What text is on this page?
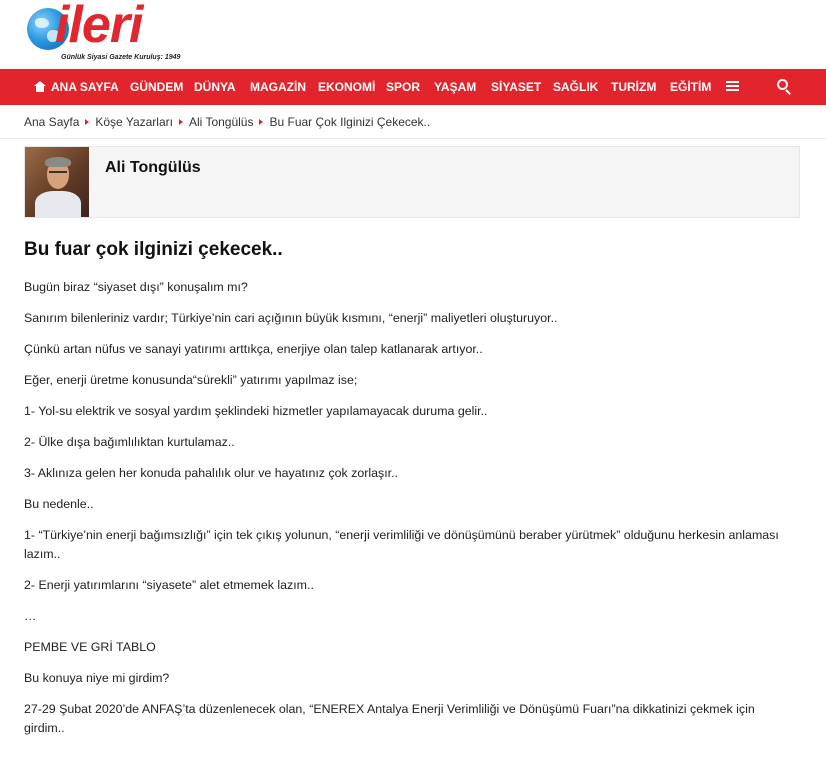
ileri
Günlük Siyasi Gazete Kuruluş: 1949
ANA SAYFA GÜNDEM DÜNYA MAGAZİN EKONOMİ SPOR YAŞAM SİYASET SAĞLIK TURİZM EĞİTİM
Ana Sayfa Köşe Yazarları Ali Tongülüs Bu Fuar Çok Ilginizi Çekecek..
Ali Tongülüs
Bu fuar çok ilginizi çekecek..

Bugün biraz “siyaset dışı” konuşalım mı?

Sanırım bilenleriniz vardır; Türkiye’nin cari açığının büyük kısmını, “enerji” maliyetleri oluşturuyor..

Çünkü artan nüfus ve sanayi yatırımı arttıkça, enerjiye olan talep katlanarak artıyor..

Eğer, enerji üretme konusunda“sürekli” yatırımı yapılmaz ise;

1- Yol-su elektrik ve sosyal yardım şeklindeki hizmetler yapılamayacak duruma gelir..

2- Ülke dışa bağımlılıktan kurtulamaz..

3- Aklınıza gelen her konuda pahalılık olur ve hayatınız çok zorlaşır..

Bu nedenle..

1- “Türkiye’nin enerji bağımsızlığı” için tek çıkış yolunun, “enerji verimliliği ve dönüşümünü beraber yürütmek” olduğunu herkesin anlaması lazım..

2- Enerji yatırımlarını “siyasete” alet etmemek lazım..

…

PEMBE VE GRİ TABLO

Bu konuya niye mi girdim?

27-29 Şubat 2020’de ANFAŞ’ta düzenlenecek olan, “ENEREX Antalya Enerji Verimliliği ve Dönüşümü Fuarı”na dikkatinizi çekmek için girdim..
